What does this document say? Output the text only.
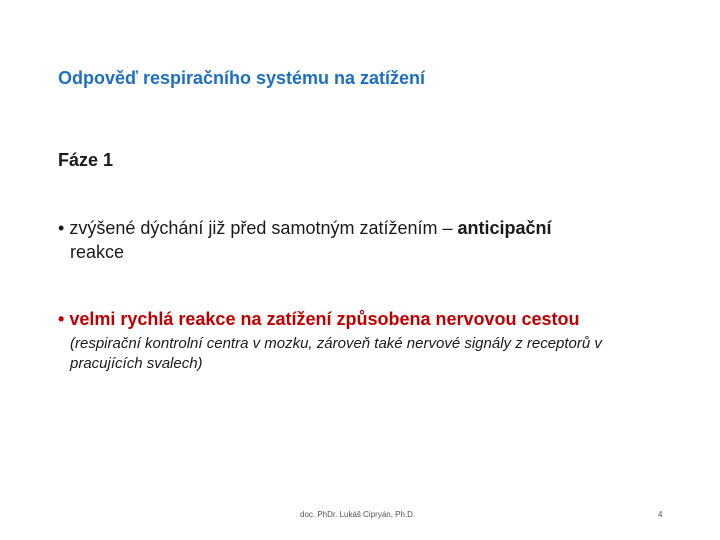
Odpověď respiračního systému na zatížení
Fáze 1
• zvýšené dýchání již před samotným zatížením – anticipační
reakce
• velmi rychlá reakce na zatížení způsobena nervovou cestou
(respirační kontrolní centra v mozku, zároveň také nervové signály z receptorů v pracujících svalech)
doc. PhDr. Lukáš Cipryán, Ph.D.	4
